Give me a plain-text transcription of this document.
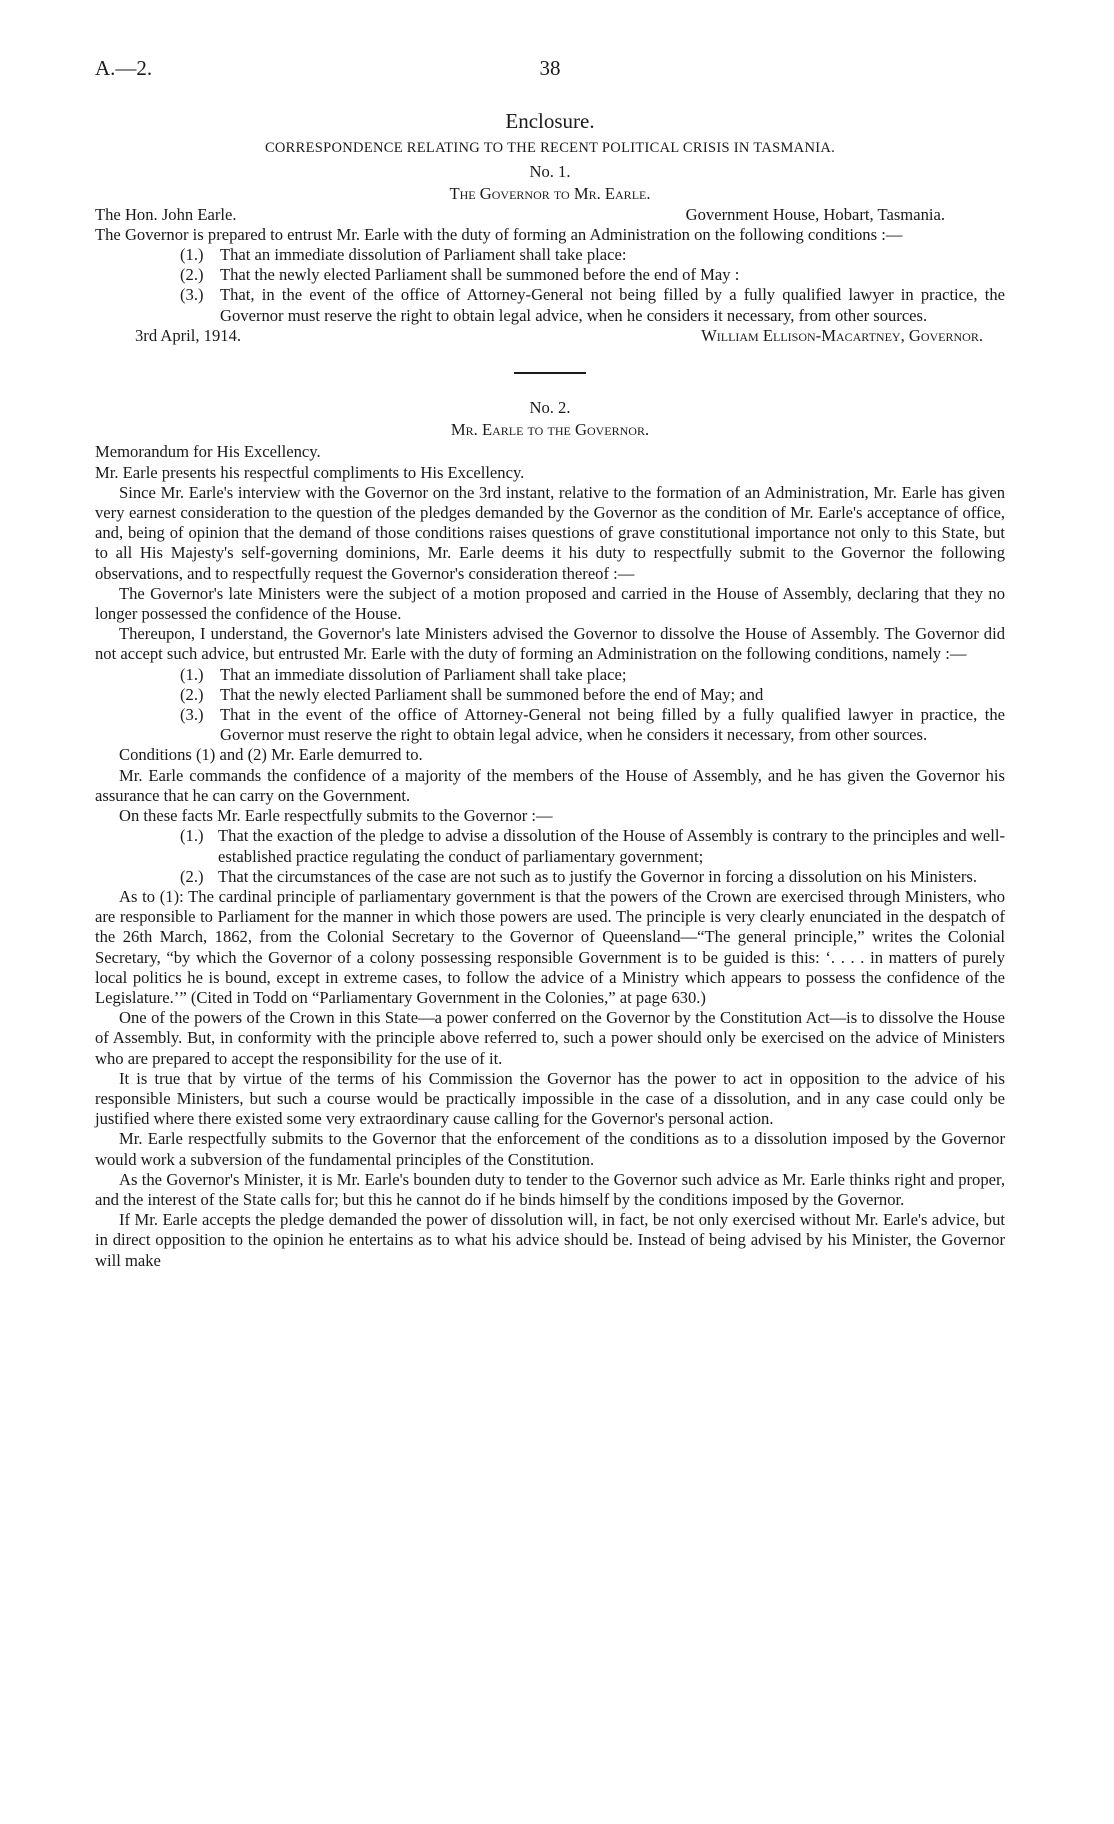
A.—2.	38
Enclosure.
CORRESPONDENCE RELATING TO THE RECENT POLITICAL CRISIS IN TASMANIA.
No. 1.
The Governor to Mr. Earle.
The Hon. John Earle.	Government House, Hobart, Tasmania.

The Governor is prepared to entrust Mr. Earle with the duty of forming an Administration on the following conditions :—

(1.) That an immediate dissolution of Parliament shall take place:
(2.) That the newly elected Parliament shall be summoned before the end of May :
(3.) That, in the event of the office of Attorney-General not being filled by a fully qualified lawyer in practice, the Governor must reserve the right to obtain legal advice, when he considers it necessary, from other sources.
3rd April, 1914.	William Ellison-Macartney, Governor.
No. 2.
Mr. Earle to the Governor.

Memorandum for His Excellency.

Mr. Earle presents his respectful compliments to His Excellency.

Since Mr. Earle's interview with the Governor on the 3rd instant, relative to the formation of an Administration, Mr. Earle has given very earnest consideration to the question of the pledges demanded by the Governor as the condition of Mr. Earle's acceptance of office, and, being of opinion that the demand of those conditions raises questions of grave constitutional importance not only to this State, but to all His Majesty's self-governing dominions, Mr. Earle deems it his duty to respectfully submit to the Governor the following observations, and to respectfully request the Governor's consideration thereof :—

The Governor's late Ministers were the subject of a motion proposed and carried in the House of Assembly, declaring that they no longer possessed the confidence of the House.

Thereupon, I understand, the Governor's late Ministers advised the Governor to dissolve the House of Assembly. The Governor did not accept such advice, but entrusted Mr. Earle with the duty of forming an Administration on the following conditions, namely :—

(1.) That an immediate dissolution of Parliament shall take place;
(2.) That the newly elected Parliament shall be summoned before the end of May; and
(3.) That in the event of the office of Attorney-General not being filled by a fully qualified lawyer in practice, the Governor must reserve the right to obtain legal advice, when he considers it necessary, from other sources.

Conditions (1) and (2) Mr. Earle demurred to.

Mr. Earle commands the confidence of a majority of the members of the House of Assembly, and he has given the Governor his assurance that he can carry on the Government.

On these facts Mr. Earle respectfully submits to the Governor :—

(1.) That the exaction of the pledge to advise a dissolution of the House of Assembly is contrary to the principles and well-established practice regulating the conduct of parliamentary government;
(2.) That the circumstances of the case are not such as to justify the Governor in forcing a dissolution on his Ministers.

As to (1): The cardinal principle of parliamentary government is that the powers of the Crown are exercised through Ministers, who are responsible to Parliament for the manner in which those powers are used. The principle is very clearly enunciated in the despatch of the 26th March, 1862, from the Colonial Secretary to the Governor of Queensland—“The general principle,” writes the Colonial Secretary, “by which the Governor of a colony possessing responsible Government is to be guided is this: ‘. . . . in matters of purely local politics he is bound, except in extreme cases, to follow the advice of a Ministry which appears to possess the confidence of the Legislature.’” (Cited in Todd on “Parliamentary Government in the Colonies,” at page 630.)

One of the powers of the Crown in this State—a power conferred on the Governor by the Constitution Act—is to dissolve the House of Assembly. But, in conformity with the principle above referred to, such a power should only be exercised on the advice of Ministers who are prepared to accept the responsibility for the use of it.

It is true that by virtue of the terms of his Commission the Governor has the power to act in opposition to the advice of his responsible Ministers, but such a course would be practically impossible in the case of a dissolution, and in any case could only be justified where there existed some very extraordinary cause calling for the Governor's personal action.

Mr. Earle respectfully submits to the Governor that the enforcement of the conditions as to a dissolution imposed by the Governor would work a subversion of the fundamental principles of the Constitution.

As the Governor's Minister, it is Mr. Earle's bounden duty to tender to the Governor such advice as Mr. Earle thinks right and proper, and the interest of the State calls for; but this he cannot do if he binds himself by the conditions imposed by the Governor.

If Mr. Earle accepts the pledge demanded the power of dissolution will, in fact, be not only exercised without Mr. Earle's advice, but in direct opposition to the opinion he entertains as to what his advice should be. Instead of being advised by his Minister, the Governor will make
